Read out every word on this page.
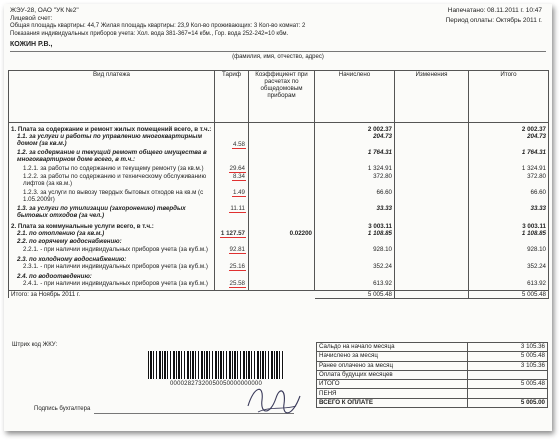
ЖЭУ-28, ОАО "УК №2"
Лицевой счет:
Общая площадь квартиры: 44,7 Жилая площадь квартиры: 23,9 Кол-во проживающих: 3 Кол-во комнат: 2
Показания индивидуальных приборов учета: Хол. вода 381-367=14 кбм., Гор. вода 252-242=10 кбм.
Напечатано: 08.11.2011 г. 10:47
Период оплаты: Октябрь 2011 г.
КОЖИН Р.В.,
(фамилия, имя, отчество, адрес)
Вид платежа	Тариф	Коэффициент при расчетах по общедомовым приборам	Начислено	Изменения	Итого

1. Плата за содержание и ремонт жилых помещений всего, в т.ч.:			2 002.37		2 002.37
1.1. за услуги и работы по управлению многоквартирным домом (за кв.м.)	4.58		204.73		204.73
1.2. за содержание и текущий ремонт общего имущества в многоквартирном доме всего, в т.ч.:			1 764.31		1 764.31
1.2.1. за работы по содержанию и текущему ремонту (за кв.м.)	29.64		1 324.91		1 324.91
1.2.2. за работы по содержанию и техническому обслуживанию лифтов (за кв.м.)	8.34		372.80		372.80
1.2.3. за услуги по вывозу твердых бытовых отходов на кв.м (с 1.05.2009г)	1.49		66.60		66.60
1.3. за услуги по утилизации (захоронению) твердых бытовых отходов (за чел.)	11.11		33.33		33.33
2. Плата за коммунальные услуги всего, в т.ч.:			3 003.11		3 003.11
2.1. по отоплению (за кв.м.)	1 127.57	0.02200	1 108.85		1 108.85
2.2. по горячему водоснабжению:					
2.2.1. - при наличии индивидуальных приборов учета (за куб.м.)	92.81		928.10		928.10
2.3. по холодному водоснабжению:					
2.3.1. - при наличии индивидуальных приборов учета (за куб.м.)	25.16		352.24		352.24
2.4. по водоотведению:					
2.4.1. - при наличии индивидуальных приборов учета (за куб.м.)	25.58		613.92		613.92
Итого: за Ноябрь 2011 г.			5 005.48		5 005.48
Штрих код ЖКУ:
00002827320050050000000000
Сальдо на начало месяца	3 105.36
Начислено за месяц	5 005.48
Ранее оплачено за месяц	3 105.36
Оплата будущих месяцев	
ИТОГО	5 005.48
ПЕНЯ	
ВСЕГО К ОПЛАТЕ	5 005.00
Подпись бухгалтера
